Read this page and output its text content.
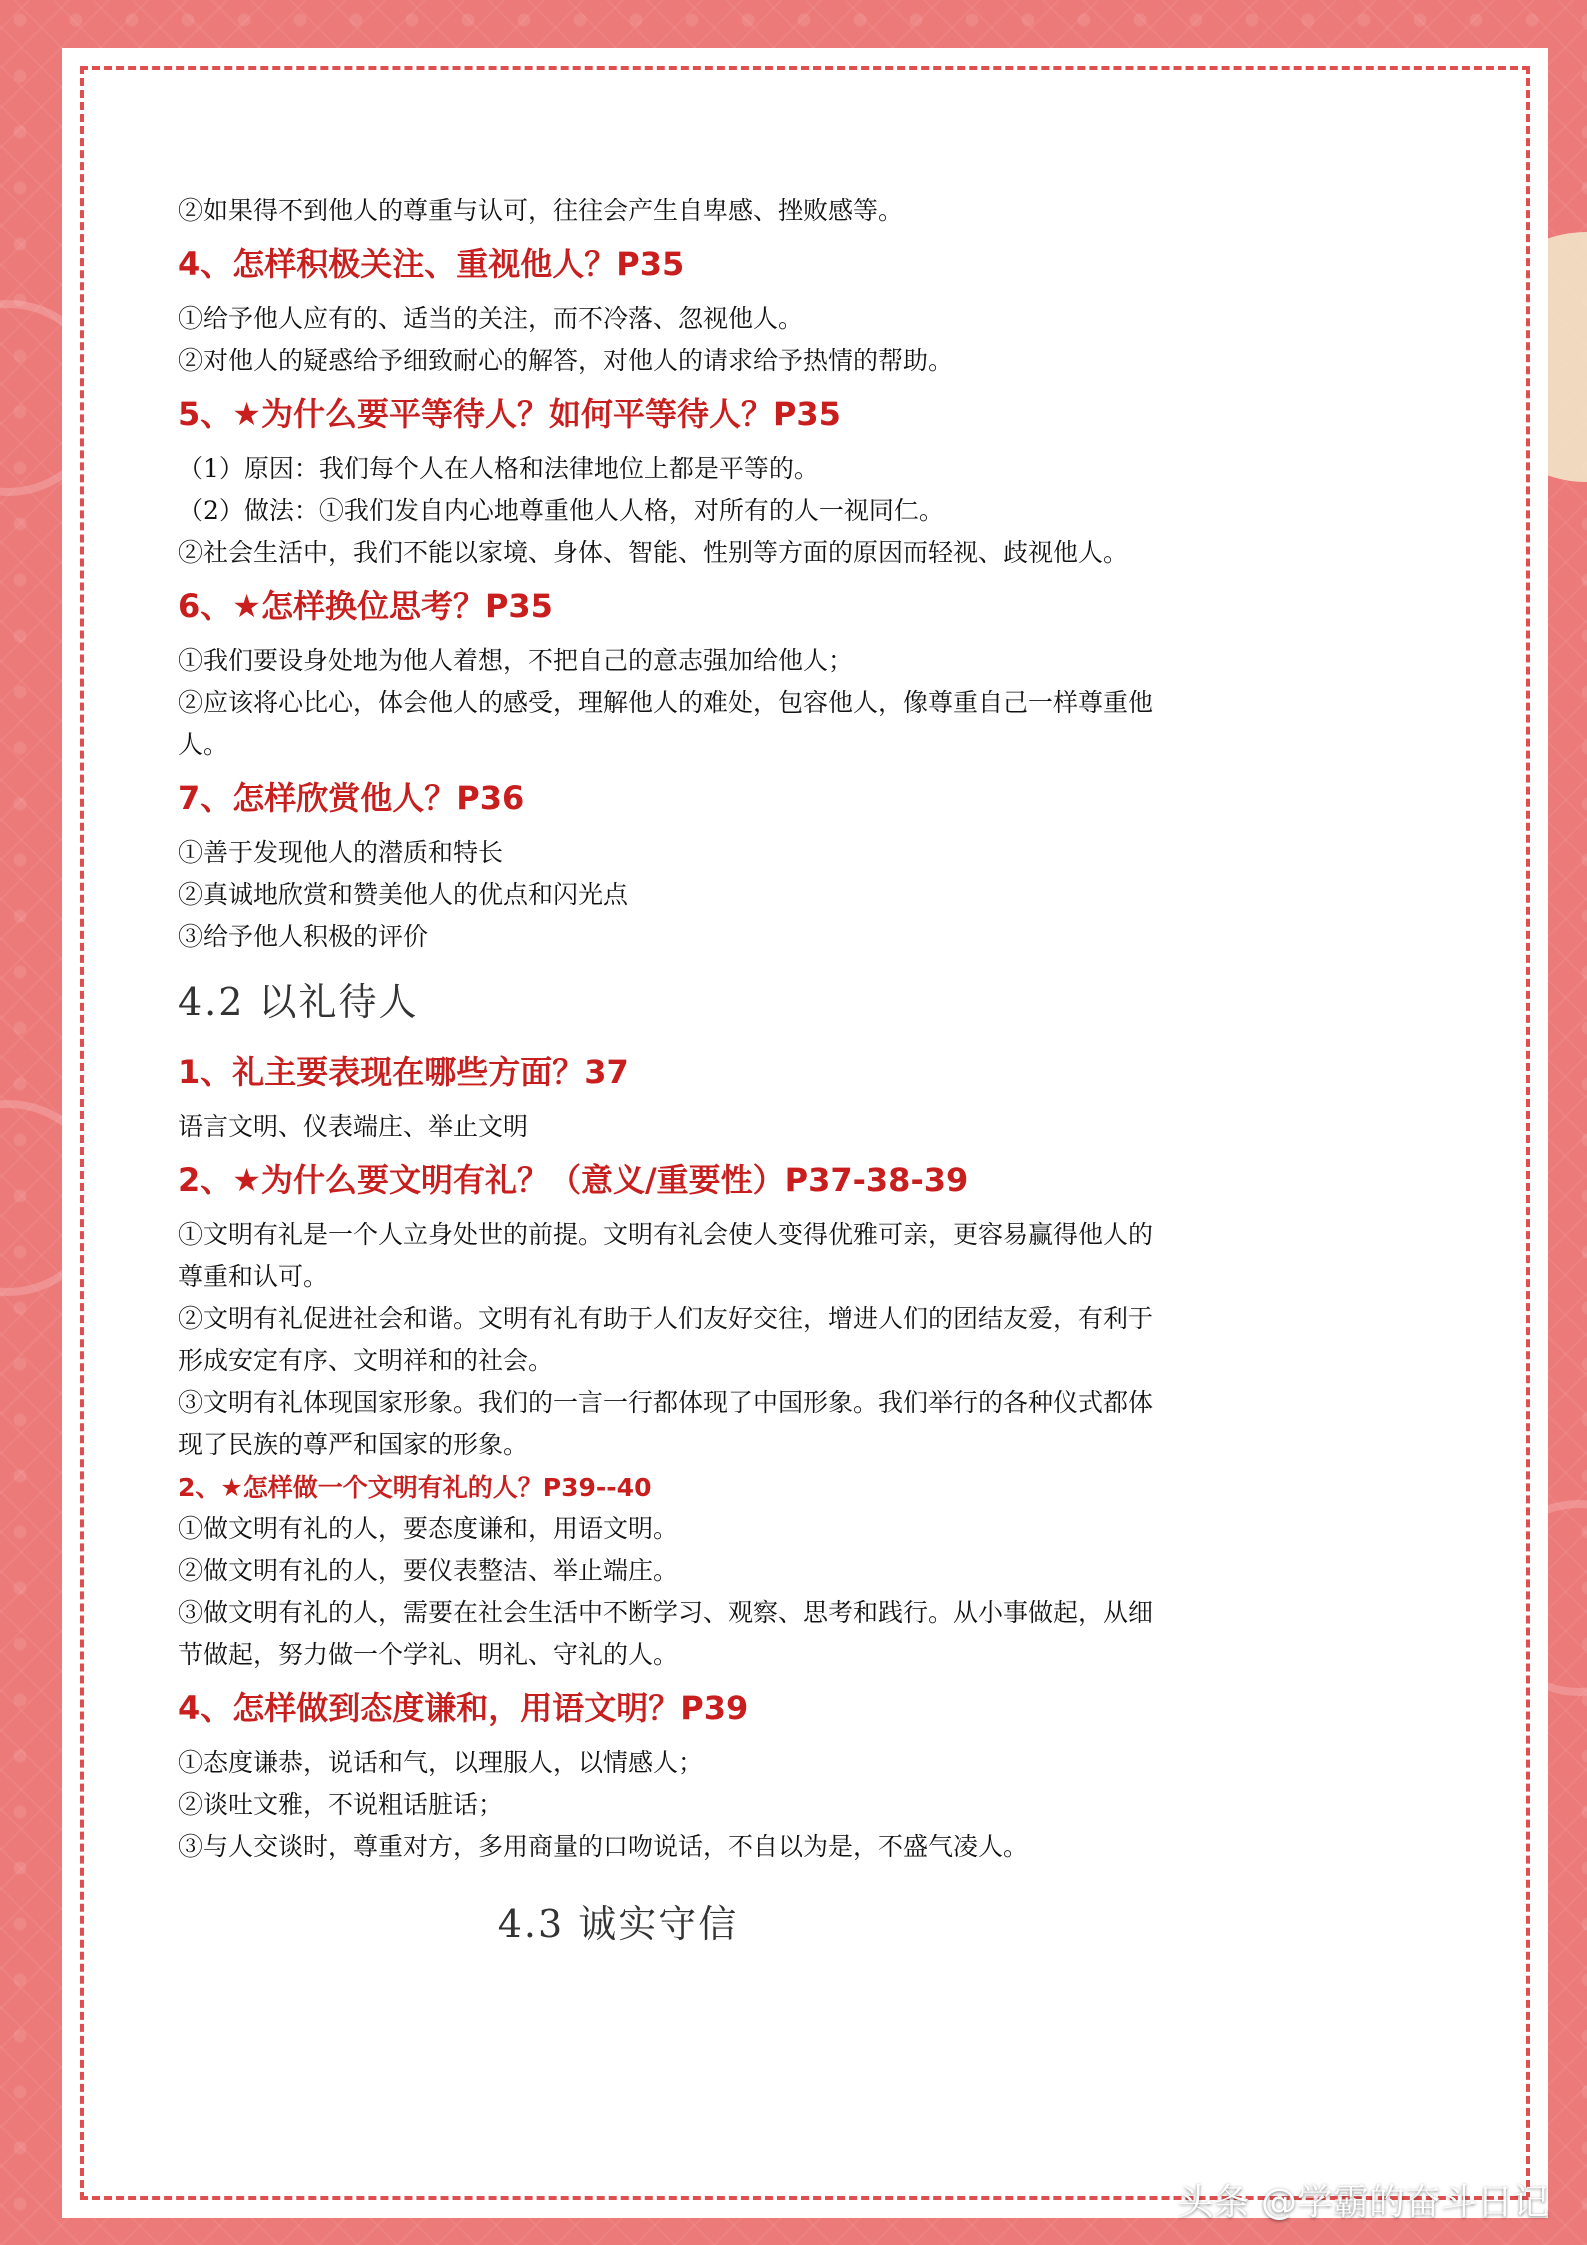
②如果得不到他人的尊重与认可，往往会产生自卑感、挫败感等。
4、怎样积极关注、重视他人？P35
①给予他人应有的、适当的关注，而不冷落、忽视他人。
②对他人的疑惑给予细致耐心的解答，对他人的请求给予热情的帮助。
5、★为什么要平等待人？如何平等待人？P35
（1）原因：我们每个人在人格和法律地位上都是平等的。
（2）做法：①我们发自内心地尊重他人人格，对所有的人一视同仁。
②社会生活中，我们不能以家境、身体、智能、性别等方面的原因而轻视、歧视他人。
6、★怎样换位思考？P35
①我们要设身处地为他人着想，不把自己的意志强加给他人；
②应该将心比心，体会他人的感受，理解他人的难处，包容他人，像尊重自己一样尊重他
人。
7、怎样欣赏他人？P36
①善于发现他人的潜质和特长
②真诚地欣赏和赞美他人的优点和闪光点
③给予他人积极的评价
4.2 以礼待人
1、礼主要表现在哪些方面？37
语言文明、仪表端庄、举止文明
2、★为什么要文明有礼？（意义/重要性）P37-38-39
①文明有礼是一个人立身处世的前提。文明有礼会使人变得优雅可亲，更容易赢得他人的
尊重和认可。
②文明有礼促进社会和谐。文明有礼有助于人们友好交往，增进人们的团结友爱，有利于
形成安定有序、文明祥和的社会。
③文明有礼体现国家形象。我们的一言一行都体现了中国形象。我们举行的各种仪式都体
现了民族的尊严和国家的形象。
2、★怎样做一个文明有礼的人？P39--40
①做文明有礼的人，要态度谦和，用语文明。
②做文明有礼的人，要仪表整洁、举止端庄。
③做文明有礼的人，需要在社会生活中不断学习、观察、思考和践行。从小事做起，从细
节做起，努力做一个学礼、明礼、守礼的人。
4、怎样做到态度谦和，用语文明？P39
①态度谦恭，说话和气，以理服人，以情感人；
②谈吐文雅，不说粗话脏话；
③与人交谈时，尊重对方，多用商量的口吻说话，不自以为是，不盛气凌人。
4.3 诚实守信
头条 @学霸的奋斗日记
